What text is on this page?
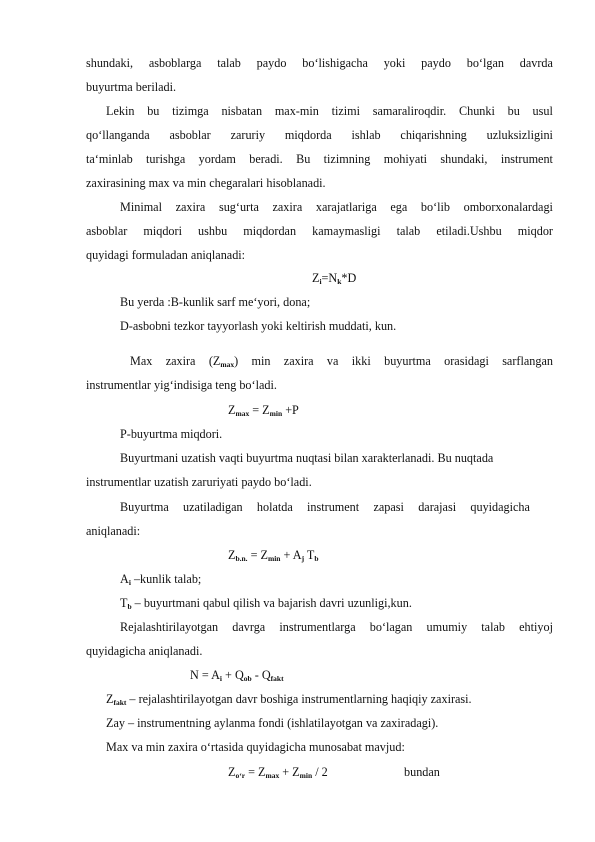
shundaki, asboblarga talab paydo bo‘lishigacha yoki paydo bo‘lgan davrda
buyurtma beriladi.
Lekin bu tizimga nisbatan max-min tizimi samaraliroqdir. Chunki bu usul
qo‘llanganda asboblar zaruriy miqdorda ishlab chiqarishning uzluksizligini
ta‘minlab turishga yordam beradi. Bu tizimning mohiyati shundaki, instrument
zaxirasining max va min chegaralari hisoblanadi.
Minimal zaxira sug‘urta zaxira xarajatlariga ega bo‘lib omborxonalardagi
asboblar miqdori ushbu miqdordan kamaymasligi talab etiladi.Ushbu miqdor
quyidagi formuladan aniqlanadi:
$Z_i=N_k*D$
Bu yerda :B-kunlik sarf me‘yori, dona;
D-asbobni tezkor tayyorlash yoki keltirish muddati, kun.
Max zaxira $(Z_{max})$ min zaxira va ikki buyurtma orasidagi sarflangan
instrumentlar yig‘indisiga teng bo‘ladi.
$Z_{max} = Z_{min} +P$
P-buyurtma miqdori.
Buyurtmani uzatish vaqti buyurtma nuqtasi bilan xarakterlanadi. Bu nuqtada
instrumentlar uzatish zaruriyati paydo bo‘ladi.
Buyurtma uzatiladigan holatda instrument zapasi darajasi quyidagicha
aniqlanadi:
$Z_{b.n.} = Z_{min} + A_j$ $T_b$
$A_i$ –kunlik talab;
$T_b$ – buyurtmani qabul qilish va bajarish davri uzunligi,kun.
Rejalashtirilayotgan davrga instrumentlarga bo‘lagan umumiy talab ehtiyoj
quyidagicha aniqlanadi.
$N = A_i + Q_{ob} - Q_{fakt}$
$Z_{fakt}$ – rejalashtirilayotgan davr boshiga instrumentlarning haqiqiy zaxirasi.
Zay – instrumentning aylanma fondi (ishlatilayotgan va zaxiradagi).
Max va min zaxira o‘rtasida quyidagicha munosabat mavjud:
$Z_{o‘r} = Z_{max} + Z_{min} / 2$	bundan
